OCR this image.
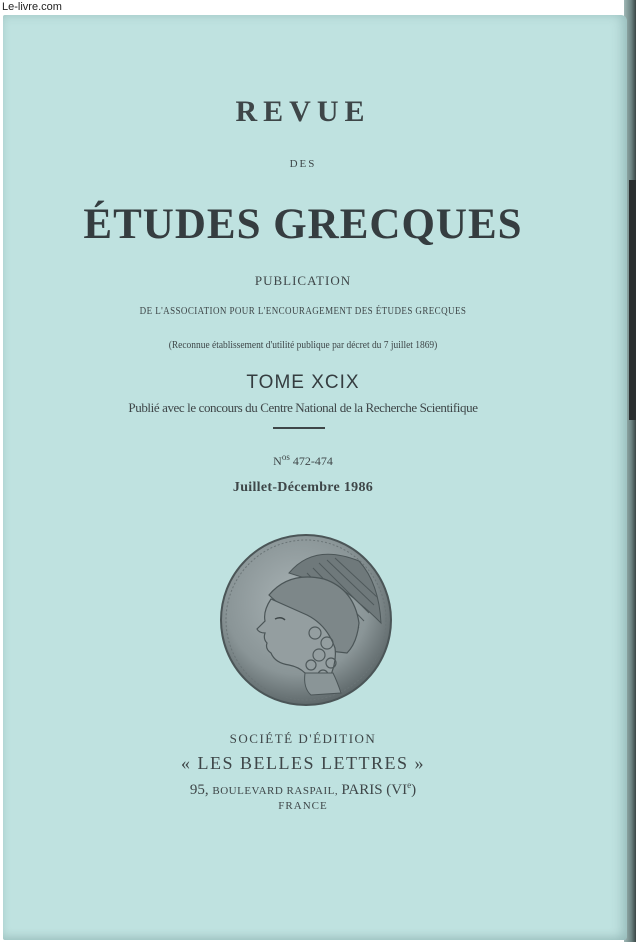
Le-livre.com
REVUE
DES
ÉTUDES GRECQUES
PUBLICATION
DE L'ASSOCIATION POUR L'ENCOURAGEMENT DES ÉTUDES GRECQUES
(Reconnue établissement d'utilité publique par décret du 7 juillet 1869)
TOME XCIX
Publié avec le concours du Centre National de la Recherche Scientifique
$N^{os}$ 472-474
Juillet-Décembre 1986
SOCIÉTÉ D'ÉDITION
« LES BELLES LETTRES »
95, BOULEVARD RASPAIL, PARIS (VIe)
FRANCE
